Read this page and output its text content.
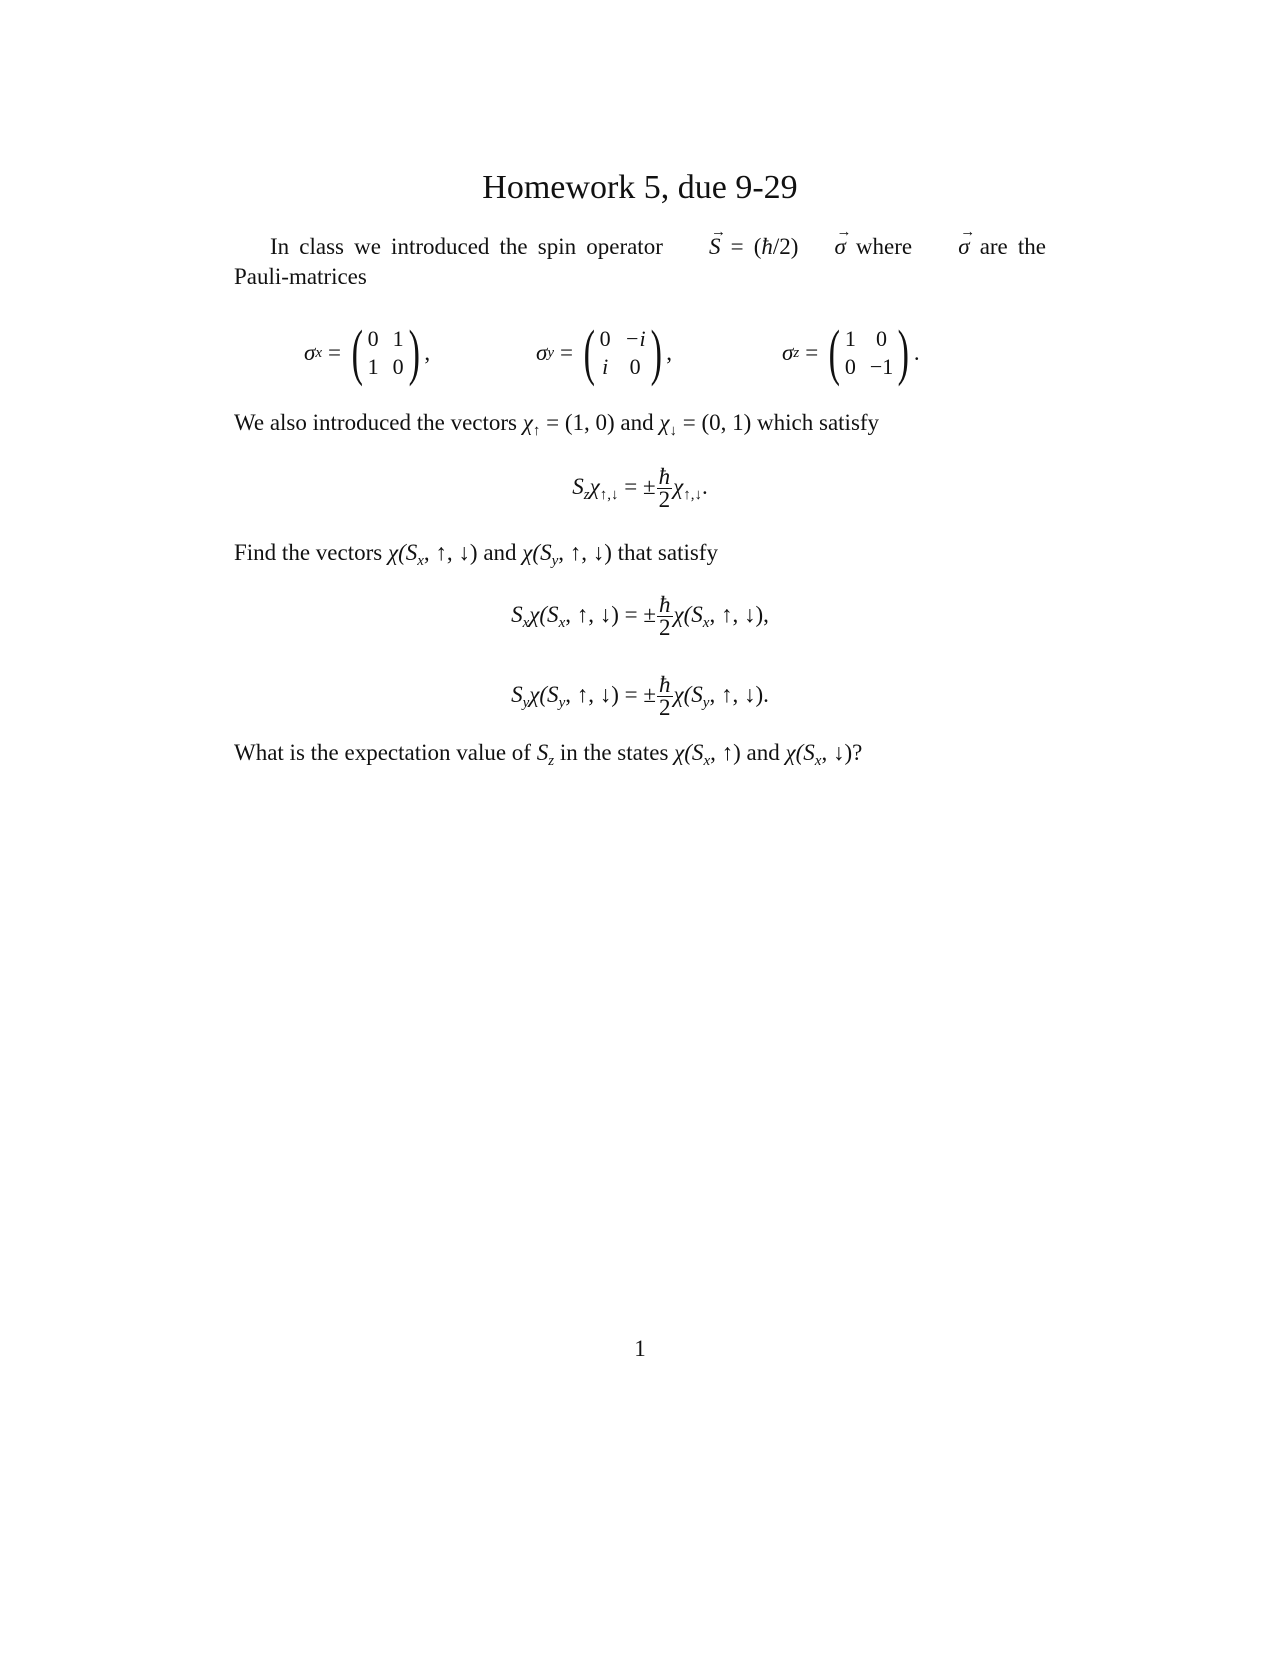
Homework 5, due 9-29
In class we introduced the spin operator → S = (ħ/2)→ σ where → σ are the Pauli-matrices
σ x = ( 0 1
1 0 ) ,	σ y = ( 0 −i
i 0 ) ,	σ z = ( 1 0
0 −1 ) .
We also introduced the vectors $\chi_↑ = (1$, 0) and $\chi_↓ = (0$, 1) which satisfy
$S_z\chi_{↑,↓}$ = ± $\frac{ħ}{2} \chi_{↑,↓}$.
Find the vectors $\chi(S_x$, ↑, ↓) and $\chi(S_y$, ↑, ↓) that satisfy
$S_x\chi(S_x$, ↑, ↓) = ± $\frac{ħ}{2} \chi(S_x$, ↑, ↓),
$S_y\chi(S_y$, ↑, ↓) = ± $\frac{ħ}{2} \chi(S_y$, ↑, ↓).
What is the expectation value of $S_z$ in the states $\chi(S_x$, ↑) and $\chi(S_x$, ↓)?
1
